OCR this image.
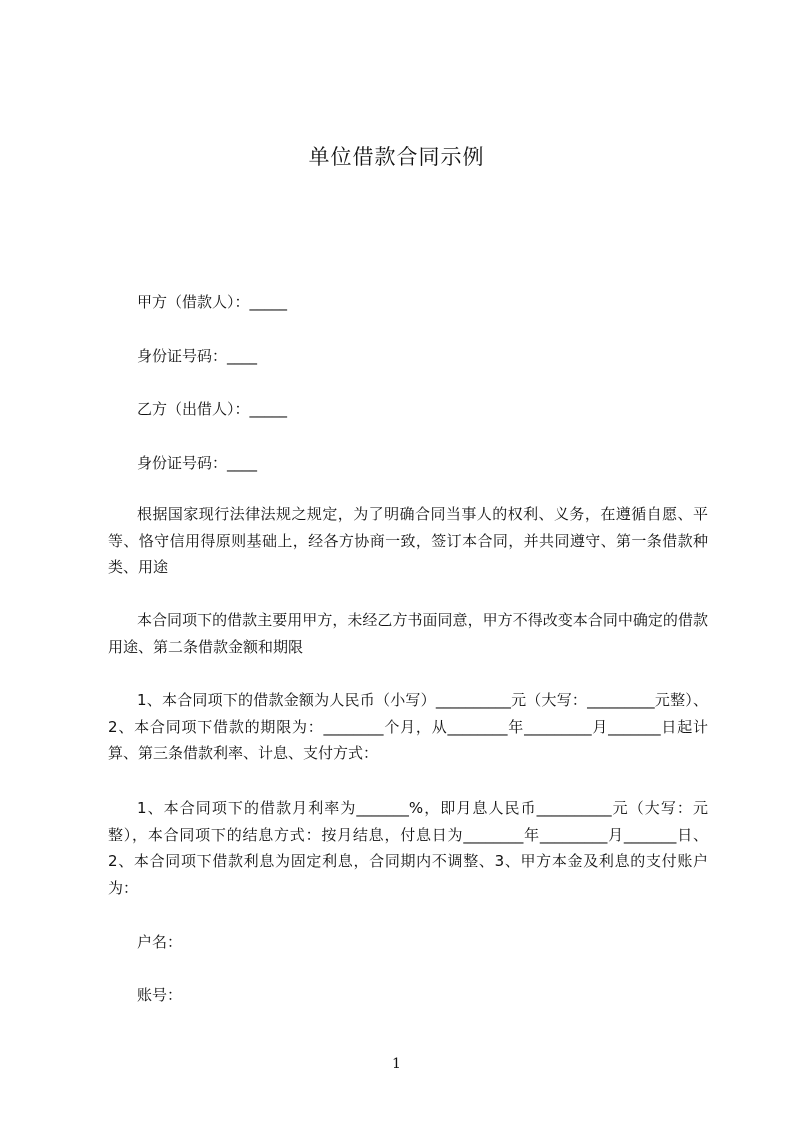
单位借款合同示例
甲方（借款人）：_____
身份证号码：____
乙方（出借人）：_____
身份证号码：____
根据国家现行法律法规之规定，为了明确合同当事人的权利、义务，在遵循自愿、平等、恪守信用得原则基础上，经各方协商一致，签订本合同，并共同遵守、第一条借款种类、用途
本合同项下的借款主要用甲方，未经乙方书面同意，甲方不得改变本合同中确定的借款用途、第二条借款金额和期限
1、本合同项下的借款金额为人民币（小写）__________元（大写：_________元整）、2、本合同项下借款的期限为：________个月，从________年_________月_______日起计算、第三条借款利率、计息、支付方式：
1、本合同项下的借款月利率为_______%，即月息人民币__________元（大写：元整），本合同项下的结息方式：按月结息，付息日为________年_________月_______日、2、本合同项下借款利息为固定利息，合同期内不调整、3、甲方本金及利息的支付账户为：
户名：
账号：
1
